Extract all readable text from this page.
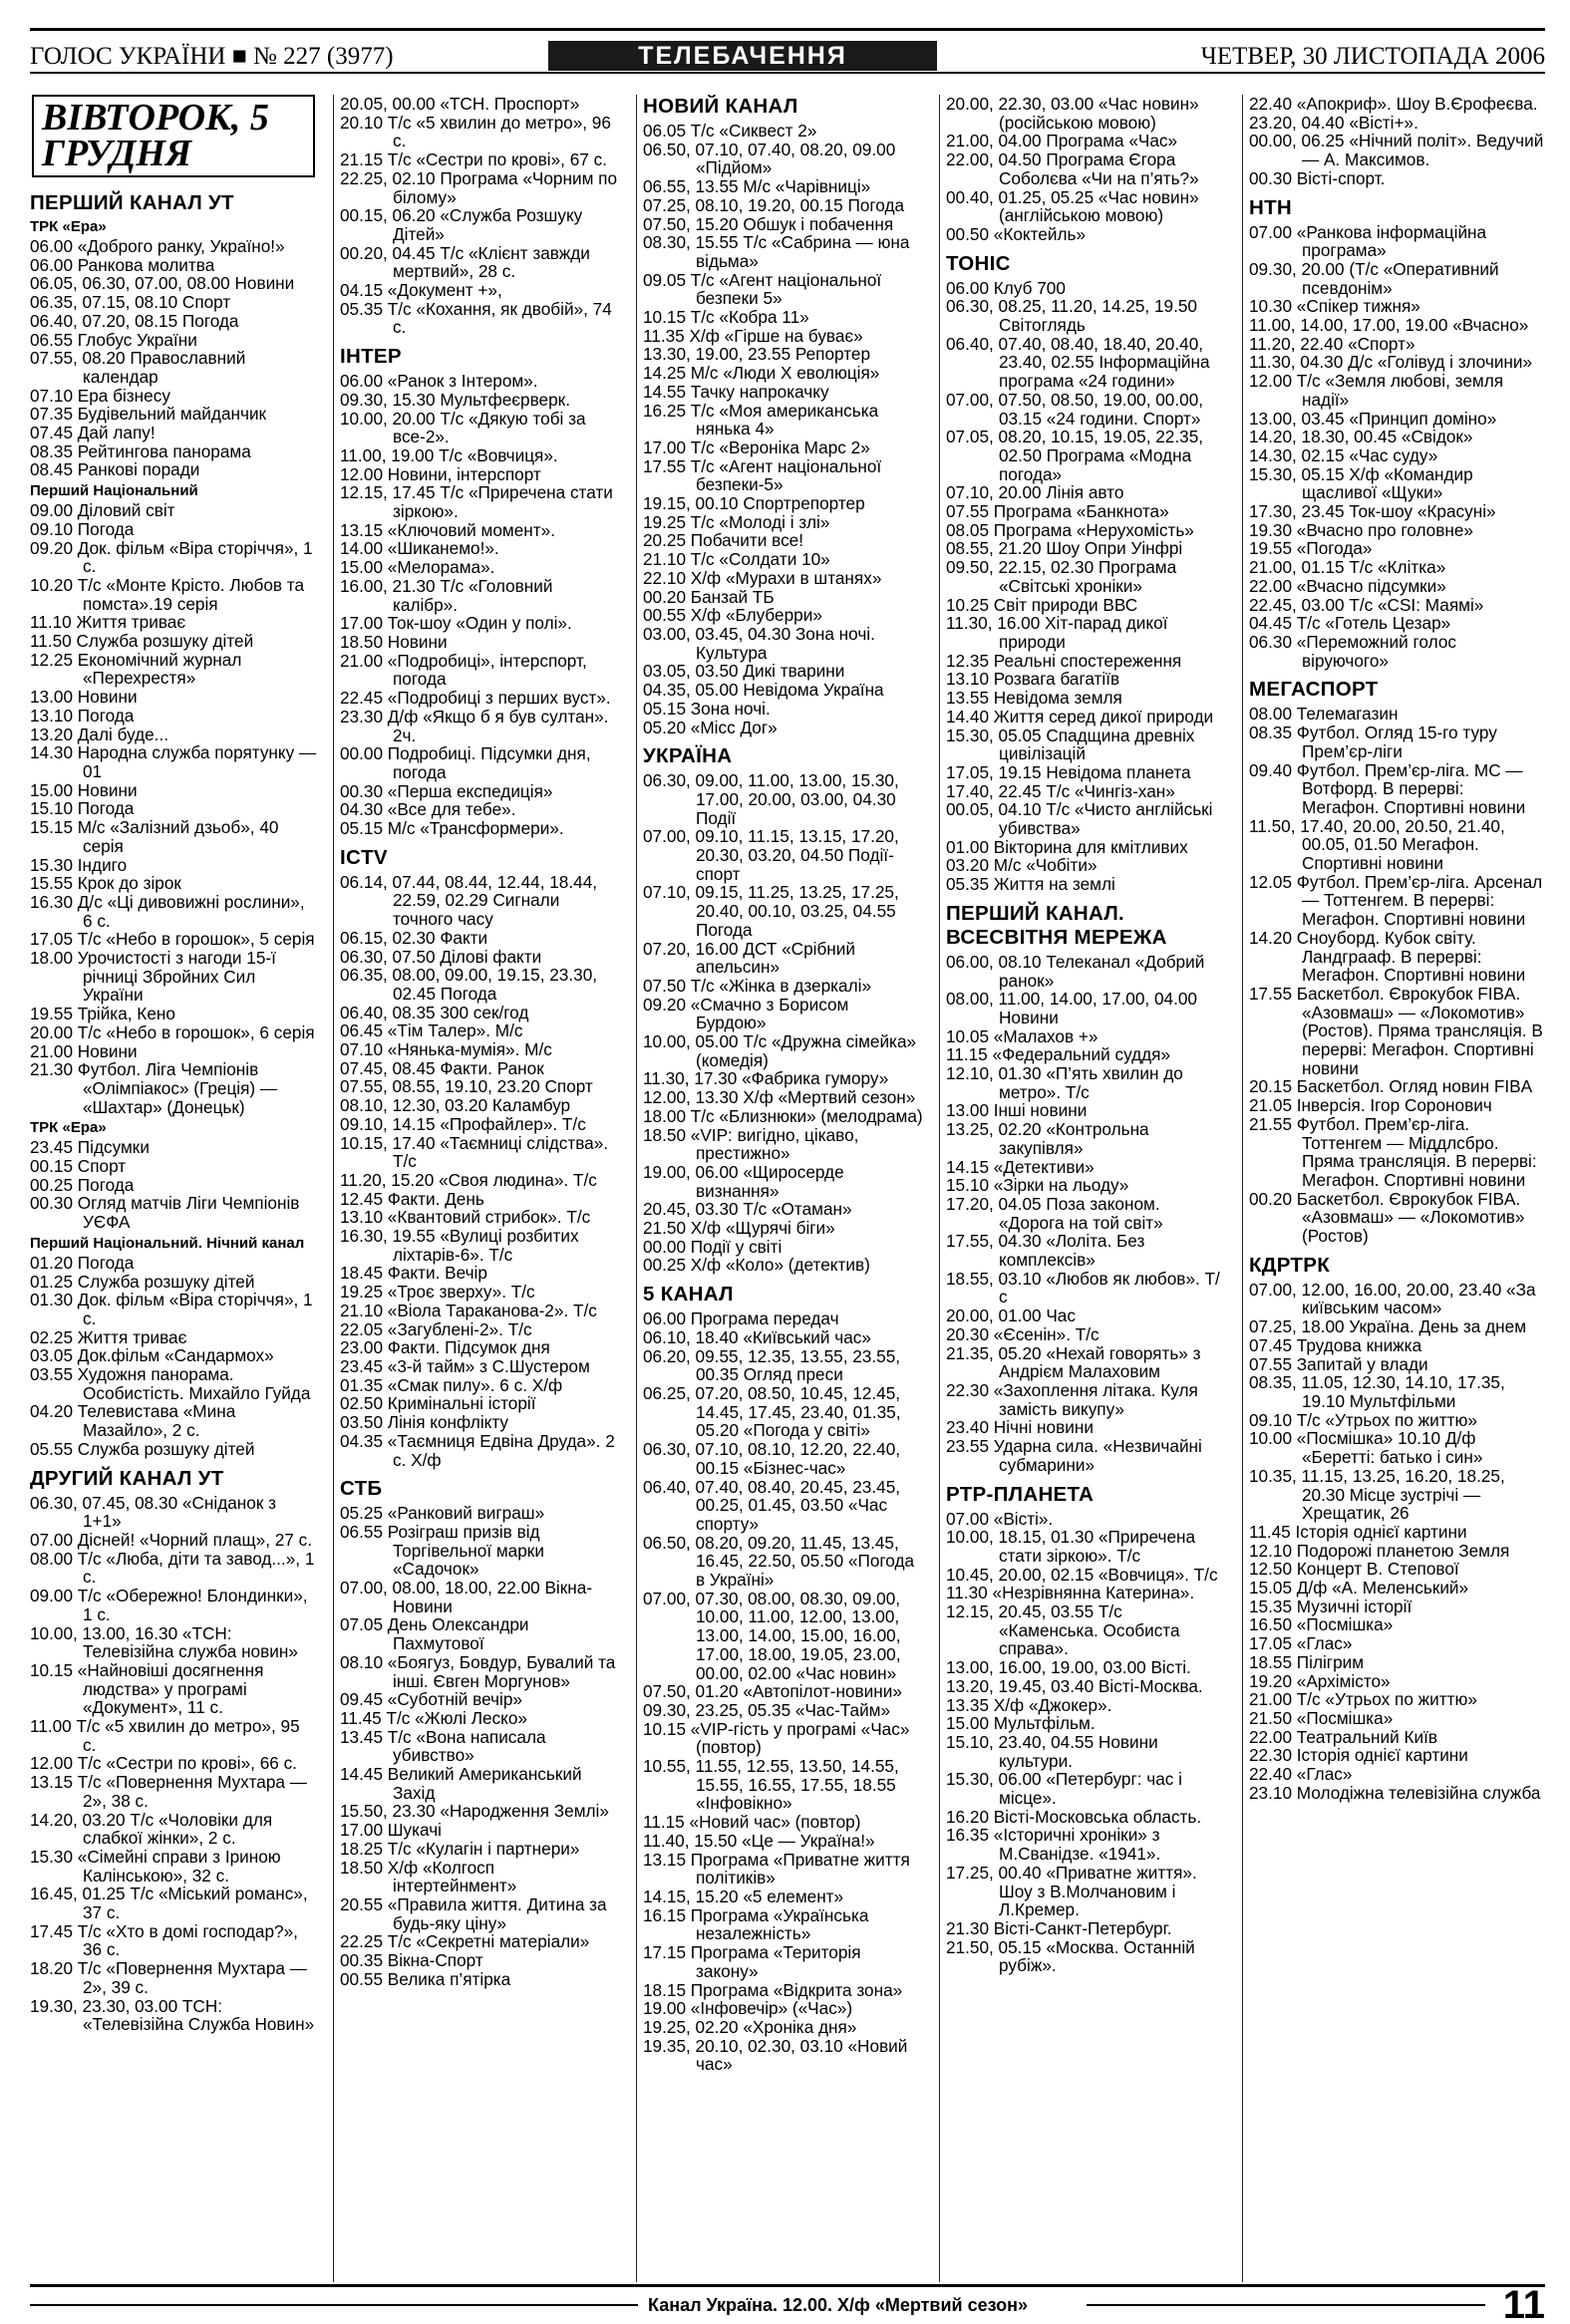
ГОЛОС УКРАЇНИ ■ № 227 (3977)	ТЕЛЕБАЧЕННЯ	ЧЕТВЕР, 30 ЛИСТОПАДА 2006
ВІВТОРОК, 5 ГРУДНЯ
ПЕРШИЙ КАНАЛ УТ
ТРК «Ера»
06.00 «Доброго ранку, Україно!»
06.00 Ранкова молитва
06.05, 06.30, 07.00, 08.00 Новини
06.35, 07.15, 08.10 Спорт
06.40, 07.20, 08.15 Погода
06.55 Глобус України
07.55, 08.20 Православний календар
07.10 Ера бізнесу
07.35 Будівельний майданчик
07.45 Дай лапу!
08.35 Рейтингова панорама
08.45 Ранкові поради
Перший Національний
09.00 Діловий світ
09.10 Погода
09.20 Док. фільм «Віра сторіччя», 1 с.
10.20 Т/с «Монте Крісто. Любов та помста».19 серія
11.10 Життя триває
11.50 Служба розшуку дітей
12.25 Економічний журнал «Перехрестя»
13.00 Новини
13.10 Погода
13.20 Далі буде...
14.30 Народна служба порятунку — 01
15.00 Новини
15.10 Погода
15.15 М/с «Залізний дзьоб», 40 серія
15.30 Індиго
15.55 Крок до зірок
16.30 Д/с «Ці дивовижні рослини», 6 с.
17.05 Т/с «Небо в горошок», 5 серія
18.00 Урочистості з нагоди 15-ї річниці Збройних Сил України
19.55 Трійка, Кено
20.00 Т/с «Небо в горошок», 6 серія
21.00 Новини
21.30 Футбол. Ліга Чемпіонів «Олімпіакос» (Греція) — «Шахтар» (Донецьк)
ТРК «Ера»
23.45 Підсумки
00.15 Спорт
00.25 Погода
00.30 Огляд матчів Ліги Чемпіонів УЄФА
Перший Національний. Нічний канал
01.20 Погода
01.25 Служба розшуку дітей
01.30 Док. фільм «Віра сторіччя», 1 с.
02.25 Життя триває
03.05 Док.фільм «Сандармох»
03.55 Художня панорама. Особистість. Михайло Гуйда
04.20 Телевистава «Мина Мазайло», 2 с.
05.55 Служба розшуку дітей
ДРУГИЙ КАНАЛ УТ
06.30, 07.45, 08.30 «Сніданок з 1+1»
07.00 Дісней! «Чорний плащ», 27 с.
08.00 Т/с «Люба, діти та завод...», 1 с.
09.00 Т/с «Обережно! Блондинки», 1 с.
10.00, 13.00, 16.30 «ТСН: Телевізійна служба новин»
10.15 «Найновіші досягнення людства» у програмі «Документ», 11 с.
11.00 Т/с «5 хвилин до метро», 95 с.
12.00 Т/с «Сестри по крові», 66 с.
13.15 Т/с «Повернення Мухтара — 2», 38 с.
14.20, 03.20 Т/с «Чоловіки для слабкої жінки», 2 с.
15.30 «Сімейні справи з Іриною Калінською», 32 с.
16.45, 01.25 Т/с «Міський романс», 37 с.
17.45 Т/с «Хто в домі господар?», 36 с.
18.20 Т/с «Повернення Мухтара — 2», 39 с.
19.30, 23.30, 03.00 ТСН: «Телевізійна Служба Новин»
20.05, 00.00 «ТСН. Проспорт»
20.10 Т/с «5 хвилин до метро», 96 с.
21.15 Т/с «Сестри по крові», 67 с.
22.25, 02.10 Програма «Чорним по білому»
00.15, 06.20 «Служба Розшуку Дітей»
00.20, 04.45 Т/с «Клієнт завжди мертвий», 28 с.
04.15 «Документ +»,
05.35 Т/с «Кохання, як двобій», 74 с.
ІНТЕР
06.00 «Ранок з Інтером».
09.30, 15.30 Мультфеєрверк.
10.00, 20.00 Т/с «Дякую тобі за все-2».
11.00, 19.00 Т/с «Вовчиця».
12.00 Новини, інтерспорт
12.15, 17.45 Т/с «Приречена стати зіркою».
13.15 «Ключовий момент».
14.00 «Шиканемо!».
15.00 «Мелорама».
16.00, 21.30 Т/с «Головний калібр».
17.00 Ток-шоу «Один у полі».
18.50 Новини
21.00 «Подробиці», інтерспорт, погода
22.45 «Подробиці з перших вуст».
23.30 Д/ф «Якщо б я був султан». 2ч.
00.00 Подробиці. Підсумки дня, погода
00.30 «Перша експедиція»
04.30 «Все для тебе».
05.15 М/с «Трансформери».
ICTV
06.14, 07.44, 08.44, 12.44, 18.44, 22.59, 02.29 Сигнали точного часу
06.15, 02.30 Факти
06.30, 07.50 Ділові факти
06.35, 08.00, 09.00, 19.15, 23.30, 02.45 Погода
06.40, 08.35 300 сек/год
06.45 «Тім Талер». М/с
07.10 «Нянька-мумія». М/с
07.45, 08.45 Факти. Ранок
07.55, 08.55, 19.10, 23.20 Спорт
08.10, 12.30, 03.20 Каламбур
09.10, 14.15 «Профайлер». Т/с
10.15, 17.40 «Таємниці слідства». Т/с
11.20, 15.20 «Своя людина». Т/с
12.45 Факти. День
13.10 «Квантовий стрибок». Т/с
16.30, 19.55 «Вулиці розбитих ліхтарів-6». Т/с
18.45 Факти. Вечір
19.25 «Троє зверху». Т/с
21.10 «Віола Тараканова-2». Т/с
22.05 «Загублені-2». Т/с
23.00 Факти. Підсумок дня
23.45 «3-й тайм» з С.Шустером
01.35 «Смак пилу». 6 с. Х/ф
02.50 Кримінальні історії
03.50 Лінія конфлікту
04.35 «Таємниця Едвіна Друда». 2 с. Х/ф
СТБ
05.25 «Ранковий виграш»
06.55 Розіграш призів від Торгівельної марки «Садочок»
07.00, 08.00, 18.00, 22.00 Вікна-Новини
07.05 День Олександри Пахмутової
08.10 «Боягуз, Бовдур, Бувалий та інші. Євген Моргунов»
09.45 «Суботній вечір»
11.45 Т/с «Жюлі Леско»
13.45 Т/с «Вона написала убивство»
14.45 Великий Американський Захід
15.50, 23.30 «Народження Землі»
17.00 Шукачі
18.25 Т/с «Кулагін і партнери»
18.50 Х/ф «Колгосп інтертейнмент»
20.55 «Правила життя. Дитина за будь-яку ціну»
22.25 Т/с «Секретні матеріали»
00.35 Вікна-Спорт
00.55 Велика п’ятірка
НОВИЙ КАНАЛ
06.05 Т/с «Сиквест 2»
06.50, 07.10, 07.40, 08.20, 09.00 «Підйом»
06.55, 13.55 М/с «Чарівниці»
07.25, 08.10, 19.20, 00.15 Погода
07.50, 15.20 Обшук і побачення
08.30, 15.55 Т/с «Сабрина — юна відьма»
09.05 Т/с «Агент національної безпеки 5»
10.15 Т/с «Кобра 11»
11.35 Х/ф «Гірше на буває»
13.30, 19.00, 23.55 Репортер
14.25 М/с «Люди Х еволюція»
14.55 Тачку напрокачку
16.25 Т/с «Моя американська нянька 4»
17.00 Т/с «Вероніка Марс 2»
17.55 Т/с «Агент національної безпеки-5»
19.15, 00.10 Спортрепортер
19.25 Т/с «Молоді і злі»
20.25 Побачити все!
21.10 Т/с «Солдати 10»
22.10 Х/ф «Мурахи в штанях»
00.20 Банзай ТБ
00.55 Х/ф «Блуберри»
03.00, 03.45, 04.30 Зона ночі. Культура
03.05, 03.50 Дикі тварини
04.35, 05.00 Невідома Україна
05.15 Зона ночі.
05.20 «Місс Дог»
УКРАЇНА
06.30, 09.00, 11.00, 13.00, 15.30, 17.00, 20.00, 03.00, 04.30 Події
07.00, 09.10, 11.15, 13.15, 17.20, 20.30, 03.20, 04.50 Події-спорт
07.10, 09.15, 11.25, 13.25, 17.25, 20.40, 00.10, 03.25, 04.55 Погода
07.20, 16.00 ДСТ «Срібний апельсин»
07.50 Т/с «Жінка в дзеркалі»
09.20 «Смачно з Борисом Бурдою»
10.00, 05.00 Т/с «Дружна сімейка» (комедія)
11.30, 17.30 «Фабрика гумору»
12.00, 13.30 Х/ф «Мертвий сезон»
18.00 Т/с «Близнюки» (мелодрама)
18.50 «VIP: вигідно, цікаво, престижно»
19.00, 06.00 «Щиросерде визнання»
20.45, 03.30 Т/с «Отаман»
21.50 Х/ф «Щурячі біги»
00.00 Події у світі
00.25 Х/ф «Коло» (детектив)
5 КАНАЛ
06.00 Програма передач
06.10, 18.40 «Київський час»
06.20, 09.55, 12.35, 13.55, 23.55, 00.35 Огляд преси
06.25, 07.20, 08.50, 10.45, 12.45, 14.45, 17.45, 23.40, 01.35, 05.20 «Погода у світі»
06.30, 07.10, 08.10, 12.20, 22.40, 00.15 «Бізнес-час»
06.40, 07.40, 08.40, 20.45, 23.45, 00.25, 01.45, 03.50 «Час спорту»
06.50, 08.20, 09.20, 11.45, 13.45, 16.45, 22.50, 05.50 «Погода в Україні»
07.00, 07.30, 08.00, 08.30, 09.00, 10.00, 11.00, 12.00, 13.00, 13.00, 14.00, 15.00, 16.00, 17.00, 18.00, 19.05, 23.00, 00.00, 02.00 «Час новин»
07.50, 01.20 «Автопілот-новини»
09.30, 23.25, 05.35 «Час-Тайм»
10.15 «VIP-гість у програмі «Час» (повтор)
10.55, 11.55, 12.55, 13.50, 14.55, 15.55, 16.55, 17.55, 18.55 «Інфовікно»
11.15 «Новий час» (повтор)
11.40, 15.50 «Це — Україна!»
13.15 Програма «Приватне життя політиків»
14.15, 15.20 «5 елемент»
16.15 Програма «Українська незалежність»
17.15 Програма «Територія закону»
18.15 Програма «Відкрита зона»
19.00 «Інфовечір» («Час»)
19.25, 02.20 «Хроніка дня»
19.35, 20.10, 02.30, 03.10 «Новий час»
20.00, 22.30, 03.00 «Час новин» (російською мовою)
21.00, 04.00 Програма «Час»
22.00, 04.50 Програма Єгора Соболєва «Чи на п’ять?»
00.40, 01.25, 05.25 «Час новин» (англійською мовою)
00.50 «Коктейль»
ТОНІС
06.00 Клуб 700
06.30, 08.25, 11.20, 14.25, 19.50 Світоглядь
06.40, 07.40, 08.40, 18.40, 20.40, 23.40, 02.55 Інформаційна програма «24 години»
07.00, 07.50, 08.50, 19.00, 00.00, 03.15 «24 години. Спорт»
07.05, 08.20, 10.15, 19.05, 22.35, 02.50 Програма «Модна погода»
07.10, 20.00 Лінія авто
07.55 Програма «Банкнота»
08.05 Програма «Нерухомість»
08.55, 21.20 Шоу Опри Уінфрі
09.50, 22.15, 02.30 Програма «Світські хроніки»
10.25 Світ природи ВВС
11.30, 16.00 Хіт-парад дикої природи
12.35 Реальні спостереження
13.10 Розвага багатіїв
13.55 Невідома земля
14.40 Життя серед дикої природи
15.30, 05.05 Спадщина древніх цивілізацій
17.05, 19.15 Невідома планета
17.40, 22.45 Т/с «Чингіз-хан»
00.05, 04.10 Т/с «Чисто англійські убивства»
01.00 Вікторина для кмітливих
03.20 М/с «Чобіти»
05.35 Життя на землі
ПЕРШИЙ КАНАЛ. ВСЕСВІТНЯ МЕРЕЖА
06.00, 08.10 Телеканал «Добрий ранок»
08.00, 11.00, 14.00, 17.00, 04.00 Новини
10.05 «Малахов +»
11.15 «Федеральний суддя»
12.10, 01.30 «П’ять хвилин до метро». Т/с
13.00 Інші новини
13.25, 02.20 «Контрольна закупівля»
14.15 «Детективи»
15.10 «Зірки на льоду»
17.20, 04.05 Поза законом. «Дорога на той світ»
17.55, 04.30 «Лоліта. Без комплексів»
18.55, 03.10 «Любов як любов». Т/с
20.00, 01.00 Час
20.30 «Єсенін». Т/с
21.35, 05.20 «Нехай говорять» з Андрієм Малаховим
22.30 «Захоплення літака. Куля замість викупу»
23.40 Нічні новини
23.55 Ударна сила. «Незвичайні субмарини»
РТР-ПЛАНЕТА
07.00 «Вісті».
10.00, 18.15, 01.30 «Приречена стати зіркою». Т/с
10.45, 20.00, 02.15 «Вовчиця». Т/с
11.30 «Незрівнянна Катерина».
12.15, 20.45, 03.55 Т/с «Каменська. Особиста справа».
13.00, 16.00, 19.00, 03.00 Вісті.
13.20, 19.45, 03.40 Вісті-Москва.
13.35 Х/ф «Джокер».
15.00 Мультфільм.
15.10, 23.40, 04.55 Новини культури.
15.30, 06.00 «Петербург: час і місце».
16.20 Вісті-Московська область.
16.35 «Історичні хроніки» з М.Сванідзе. «1941».
17.25, 00.40 «Приватне життя». Шоу з В.Молчановим і Л.Кремер.
21.30 Вісті-Санкт-Петербург.
21.50, 05.15 «Москва. Останній рубіж».
22.40 «Апокриф». Шоу В.Єрофеєва.
23.20, 04.40 «Вісті+».
00.00, 06.25 «Нічний політ». Ведучий — А. Максимов.
00.30 Вісті-спорт.
НТН
07.00 «Ранкова інформаційна програма»
09.30, 20.00 (Т/с «Оперативний псевдонім»
10.30 «Спікер тижня»
11.00, 14.00, 17.00, 19.00 «Вчасно»
11.20, 22.40 «Спорт»
11.30, 04.30 Д/с «Голівуд і злочини»
12.00 Т/с «Земля любові, земля надії»
13.00, 03.45 «Принцип доміно»
14.20, 18.30, 00.45 «Свідок»
14.30, 02.15 «Час суду»
15.30, 05.15 Х/ф «Командир щасливої «Щуки»
17.30, 23.45 Ток-шоу «Красуні»
19.30 «Вчасно про головне»
19.55 «Погода»
21.00, 01.15 Т/с «Клітка»
22.00 «Вчасно підсумки»
22.45, 03.00 Т/с «CSI: Маямі»
04.45 Т/с «Готель Цезар»
06.30 «Переможний голос віруючого»
МЕГАСПОРТ
08.00 Телемагазин
08.35 Футбол. Огляд 15-го туру Прем’єр-ліги
09.40 Футбол. Прем’єр-ліга. МС — Вотфорд. В перерві: Мегафон. Спортивні новини
11.50, 17.40, 20.00, 20.50, 21.40, 00.05, 01.50 Мегафон. Спортивні новини
12.05 Футбол. Прем’єр-ліга. Арсенал — Тоттенгем. В перерві: Мегафон. Спортивні новини
14.20 Сноуборд. Кубок світу. Ландграаф. В перерві: Мегафон. Спортивні новини
17.55 Баскетбол. Єврокубок FIBA. «Азовмаш» — «Локомотив» (Ростов). Пряма трансляція. В перерві: Мегафон. Спортивні новини
20.15 Баскетбол. Огляд новин FIBA
21.05 Інверсія. Ігор Соронович
21.55 Футбол. Прем’єр-ліга. Тоттенгем — Міддлсбро. Пряма трансляція. В перерві: Мегафон. Спортивні новини
00.20 Баскетбол. Єврокубок FIBA. «Азовмаш» — «Локомотив» (Ростов)
КДРТРК
07.00, 12.00, 16.00, 20.00, 23.40 «За київським часом»
07.25, 18.00 Україна. День за днем
07.45 Трудова книжка
07.55 Запитай у влади
08.35, 11.05, 12.30, 14.10, 17.35, 19.10 Мультфільми
09.10 Т/с «Утрьох по життю»
10.00 «Посмішка» 10.10 Д/ф «Беретті: батько і син»
10.35, 11.15, 13.25, 16.20, 18.25, 20.30 Місце зустрічі — Хрещатик, 26
11.45 Історія однієї картини
12.10 Подорожі планетою Земля
12.50 Концерт В. Степової
15.05 Д/ф «А. Меленський»
15.35 Музичні історії
16.50 «Посмішка»
17.05 «Глас»
18.55 Пілігрим
19.20 «Архімісто»
21.00 Т/с «Утрьох по життю»
21.50 «Посмішка»
22.00 Театральний Київ
22.30 Історія однієї картини
22.40 «Глас»
23.10 Молодіжна телевізійна служба
Канал Україна. 12.00. Х/ф «Мертвий сезон»	11
